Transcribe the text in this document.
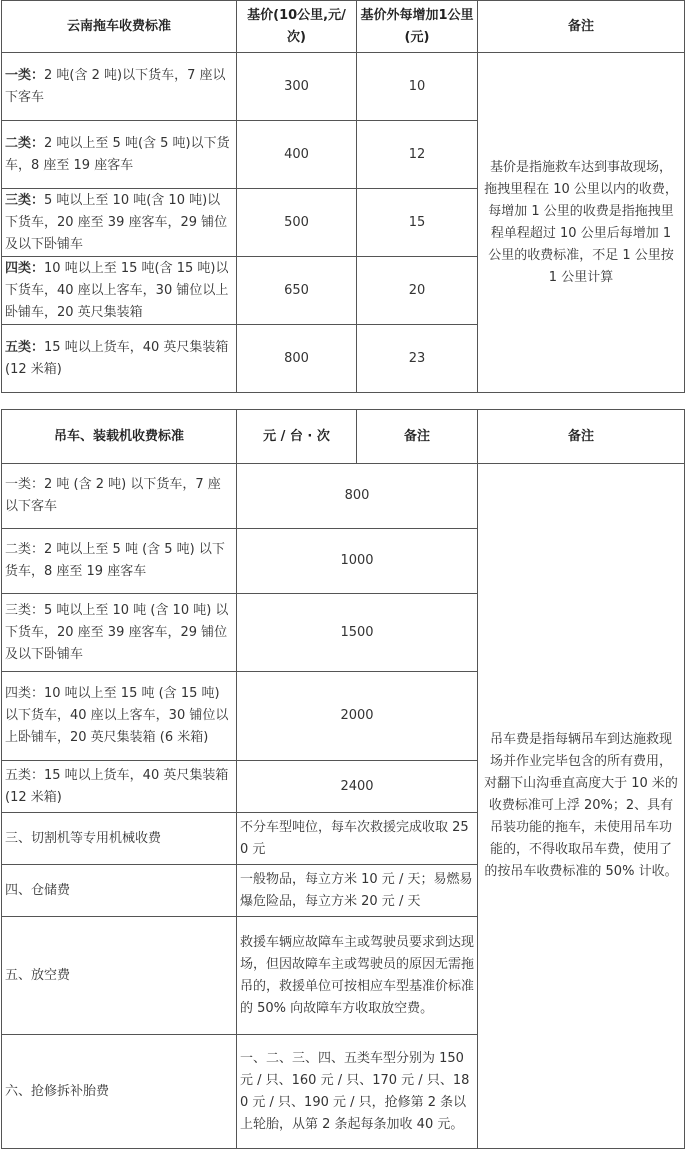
云南拖车收费标准	基价(10公里,元/次)	基价外每增加1公里(元)	备注
一类：2 吨(含 2 吨)以下货车，7 座以下客车	300	10	基价是指施救车达到事故现场，拖拽里程在 10 公里以内的收费，每增加 1 公里的收费是指拖拽里程单程超过 10 公里后每增加 1 公里的收费标准，不足 1 公里按 1 公里计算
二类：2 吨以上至 5 吨(含 5 吨)以下货车，8 座至 19 座客车	400	12	
三类：5 吨以上至 10 吨(含 10 吨)以下货车，20 座至 39 座客车，29 铺位及以下卧铺车	500	15	
四类：10 吨以上至 15 吨(含 15 吨)以下货车，40 座以上客车，30 铺位以上卧铺车，20 英尺集装箱	650	20	
五类：15 吨以上货车，40 英尺集装箱(12 米箱)	800	23	
吊车、装载机收费标准	元 / 台 · 次	备注	备注
一类：2 吨 (含 2 吨) 以下货车，7 座以下客车	800		吊车费是指每辆吊车到达施救现场并作业完毕包含的所有费用，对翻下山沟垂直高度大于 10 米的收费标准可上浮 20%；2、具有吊装功能的拖车，未使用吊车功能的，不得收取吊车费，使用了的按吊车收费标准的 50% 计收。
二类：2 吨以上至 5 吨 (含 5 吨) 以下货车，8 座至 19 座客车	1000		
三类：5 吨以上至 10 吨 (含 10 吨) 以下货车，20 座至 39 座客车，29 铺位及以下卧铺车	1500		
四类：10 吨以上至 15 吨 (含 15 吨) 以下货车，40 座以上客车，30 铺位以上卧铺车，20 英尺集装箱 (6 米箱)	2000		
五类：15 吨以上货车，40 英尺集装箱 (12 米箱)	2400		
三、切割机等专用机械收费	不分车型吨位，每车次救援完成收取 250 元		
四、仓储费	一般物品，每立方米 10 元 / 天；易燃易爆危险品，每立方米 20 元 / 天		
五、放空费	救援车辆应故障车主或驾驶员要求到达现场，但因故障车主或驾驶员的原因无需拖吊的，救援单位可按相应车型基准价标准的 50% 向故障车方收取放空费。		
六、抢修拆补胎费	一、二、三、四、五类车型分别为 150 元 / 只、160 元 / 只、170 元 / 只、180 元 / 只、190 元 / 只，抢修第 2 条以上轮胎，从第 2 条起每条加收 40 元。		
